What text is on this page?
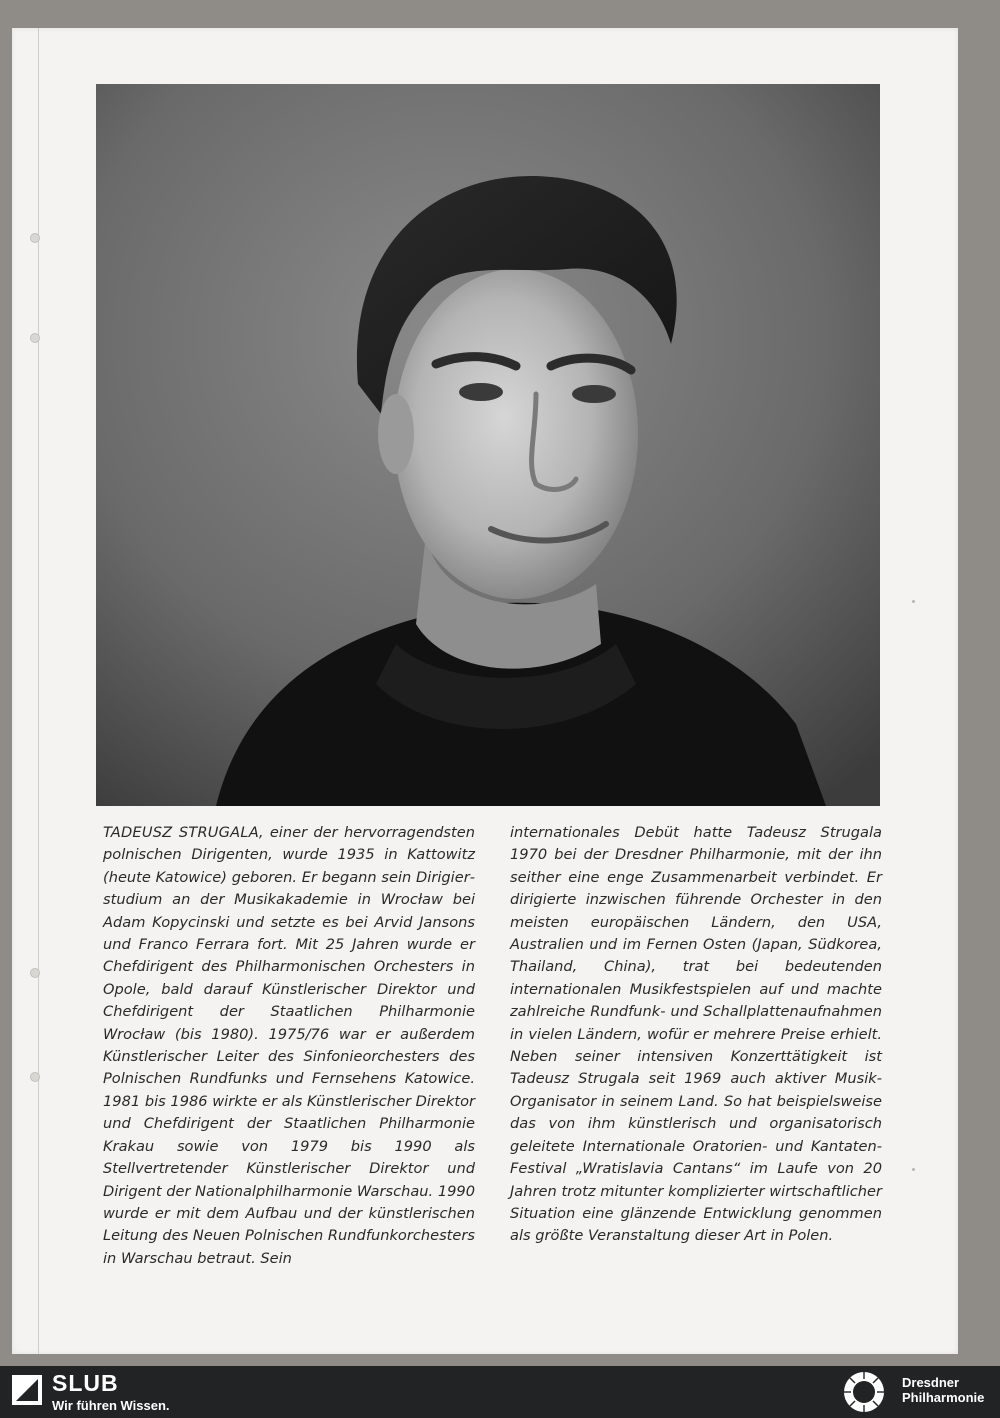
TADEUSZ STRUGALA, einer der hervorragendsten polnischen Dirigenten, wurde 1935 in Kattowitz (heute Katowice) geboren. Er begann sein Dirigierstudium an der Musikakademie in Wrocław bei Adam Kopycinski und setzte es bei Arvid Jansons und Franco Ferrara fort. Mit 25 Jahren wurde er Chefdirigent des Philharmonischen Orchesters in Opole, bald darauf Künstlerischer Direktor und Chefdirigent der Staatlichen Philharmonie Wrocław (bis 1980). 1975/76 war er außerdem Künstlerischer Leiter des Sinfonieorchesters des Polnischen Rundfunks und Fernsehens Katowice. 1981 bis 1986 wirkte er als Künstlerischer Direktor und Chefdirigent der Staatlichen Philharmonie Krakau sowie von 1979 bis 1990 als Stellvertretender Künstlerischer Direktor und Dirigent der Nationalphilharmonie Warschau. 1990 wurde er mit dem Aufbau und der künstlerischen Leitung des Neuen Polnischen Rundfunkorchesters in Warschau betraut. Sein
internationales Debüt hatte Tadeusz Strugala 1970 bei der Dresdner Philharmonie, mit der ihn seither eine enge Zusammenarbeit verbindet. Er dirigierte inzwischen führende Orchester in den meisten europäischen Ländern, den USA, Australien und im Fernen Osten (Japan, Südkorea, Thailand, China), trat bei bedeutenden internationalen Musikfestspielen auf und machte zahlreiche Rundfunk- und Schallplattenaufnahmen in vielen Ländern, wofür er mehrere Preise erhielt. Neben seiner intensiven Konzerttätigkeit ist Tadeusz Strugala seit 1969 auch aktiver Musik-Organisator in seinem Land. So hat beispielsweise das von ihm künstlerisch und organisatorisch geleitete Internationale Oratorien- und Kantaten-Festival „Wratislavia Cantans“ im Laufe von 20 Jahren trotz mitunter komplizierter wirtschaftlicher Situation eine glänzende Entwicklung genommen als größte Veranstaltung dieser Art in Polen.
SLUB
Wir führen Wissen.
Dresdner
Philharmonie
